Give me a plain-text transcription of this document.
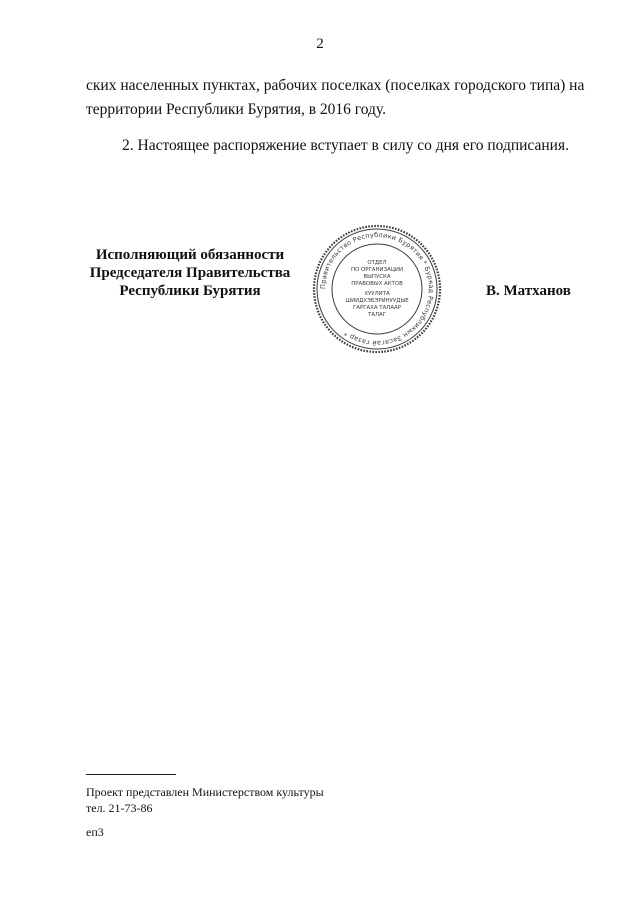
2
ских населенных пунктах, рабочих поселках (поселках городского типа) на
территории Республики Бурятия, в 2016 году.
2. Настоящее распоряжение вступает в силу со дня его подписания.
Исполняющий обязанности
Председателя Правительства
Республики Бурятия	Правительство Республики Бурятия * Буряад Республикын Засагай газар *
ОТДЕЛ
ПО ОРГАНИЗАЦИИ
ВЫПУСКА
ПРАВОВЫХ АКТОВ
ХУУЛИТА
ШИИДХЭБЭРИНУУДЫЕ
ГАРГАХА ТАЛААР
ТАЛАГ
В. Матханов
Проект представлен Министерством культуры
тел. 21-73-86
еп3
